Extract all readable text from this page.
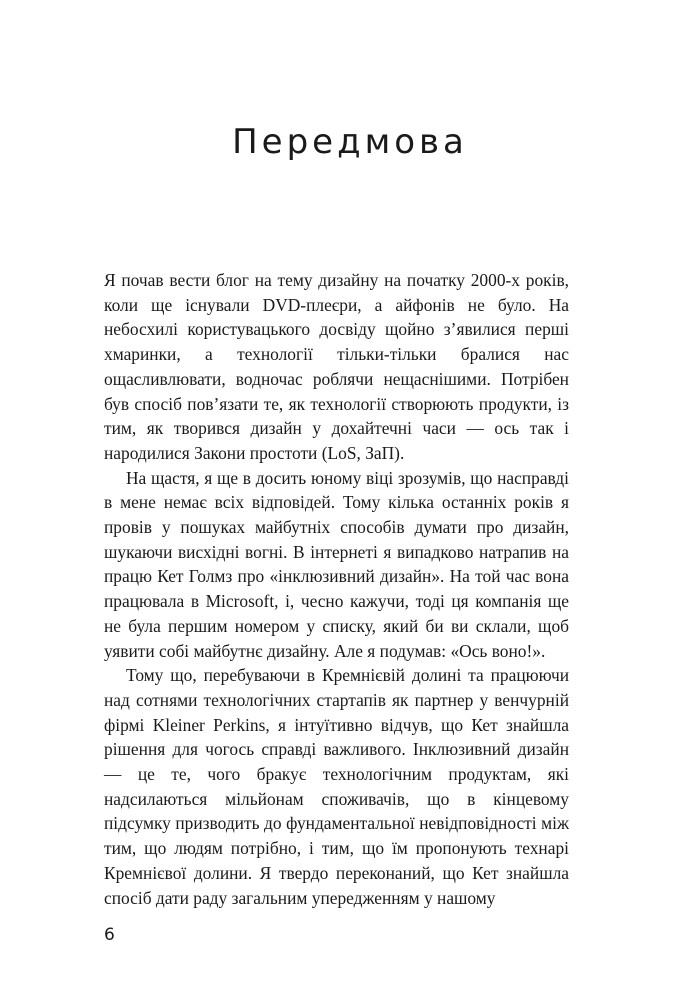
Передмова

Я почав вести блог на тему дизайну на початку 2000-х років, коли ще існували DVD-плеєри, а айфонів не було. На небосхилі користувацького досвіду щойно з’явилися перші хмаринки, а технології тільки-тільки бралися нас ощасливлювати, водночас роблячи нещаснішими. Потрібен був спосіб пов’язати те, як технології створюють продукти, із тим, як творився дизайн у дохайтечні часи — ось так і народилися Закони простоти (LoS, ЗаП).

На щастя, я ще в досить юному віці зрозумів, що насправді в мене немає всіх відповідей. Тому кілька останніх років я провів у пошуках майбутніх способів думати про дизайн, шукаючи висхідні вогні. В інтернеті я випадково натрапив на працю Кет Голмз про «інклюзивний дизайн». На той час вона працювала в Microsoft, і, чесно кажучи, тоді ця компанія ще не була першим номером у списку, який би ви склали, щоб уявити собі майбутнє дизайну. Але я подумав: «Ось воно!».

Тому що, перебуваючи в Кремнієвій долині та працюючи над сотнями технологічних стартапів як партнер у венчурній фірмі Kleiner Perkins, я інтуїтивно відчув, що Кет знайшла рішення для чогось справді важливого. Інклюзивний дизайн — це те, чого бракує технологічним продуктам, які надсилаються мільйонам споживачів, що в кінцевому підсумку призводить до фундаментальної невідповідності між тим, що людям потрібно, і тим, що їм пропонують технарі Кремнієвої долини. Я твердо переконаний, що Кет знайшла спосіб дати раду загальним упередженням у нашому

6
